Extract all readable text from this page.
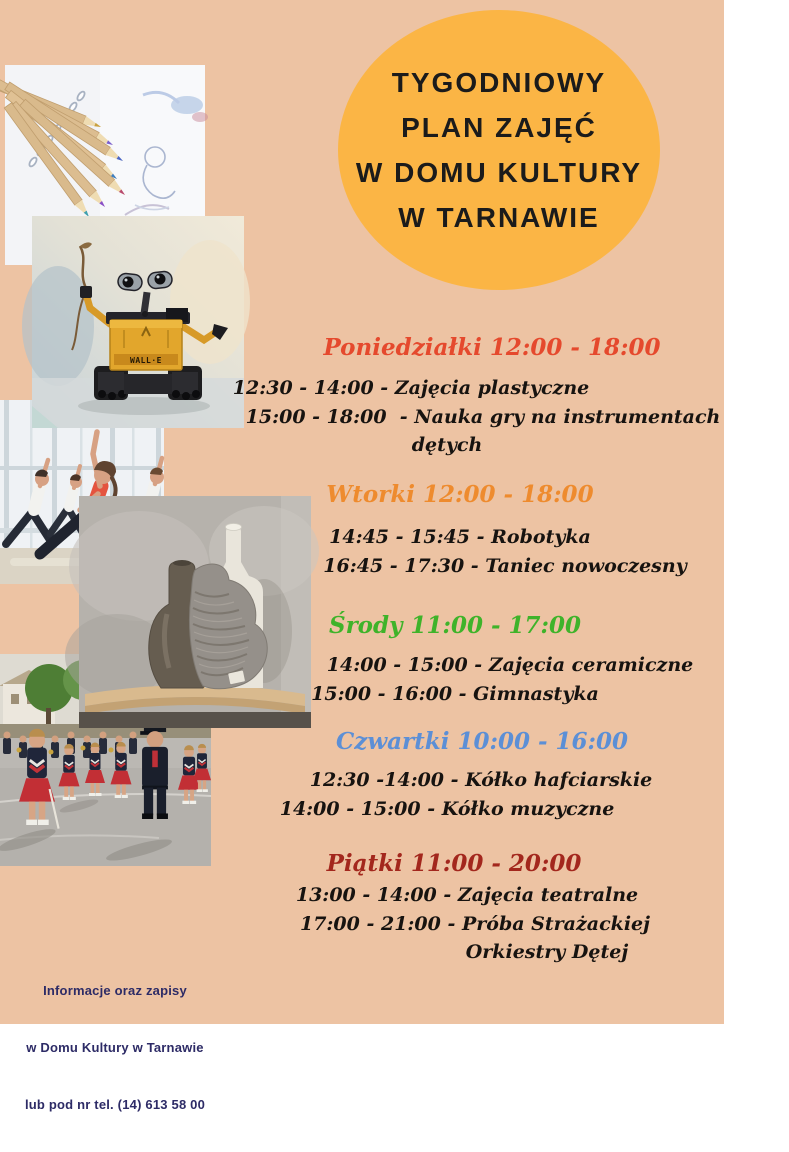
WALL·E
TYGODNIOWY
PLAN ZAJĘĆ
W DOMU KULTURY
W TARNAWIE
Poniedziałki 12:00 - 18:00
12:30 - 14:00 - Zajęcia plastyczne
15:00 - 18:00  - Nauka gry na instrumentach
dętych
Wtorki 12:00 - 18:00
14:45 - 15:45 - Robotyka
16:45 - 17:30 - Taniec nowoczesny
Środy 11:00 - 17:00
14:00 - 15:00 - Zajęcia ceramiczne
15:00 - 16:00 - Gimnastyka
Czwartki 10:00 - 16:00
12:30 -14:00 - Kółko hafciarskie
14:00 - 15:00 - Kółko muzyczne
Piątki 11:00 - 20:00
13:00 - 14:00 - Zajęcia teatralne
17:00 - 21:00 - Próba Strażackiej
Orkiestry Dętej

Informacje oraz zapisy

w Domu Kultury w Tarnawie

lub pod nr tel. (14) 613 58 00
